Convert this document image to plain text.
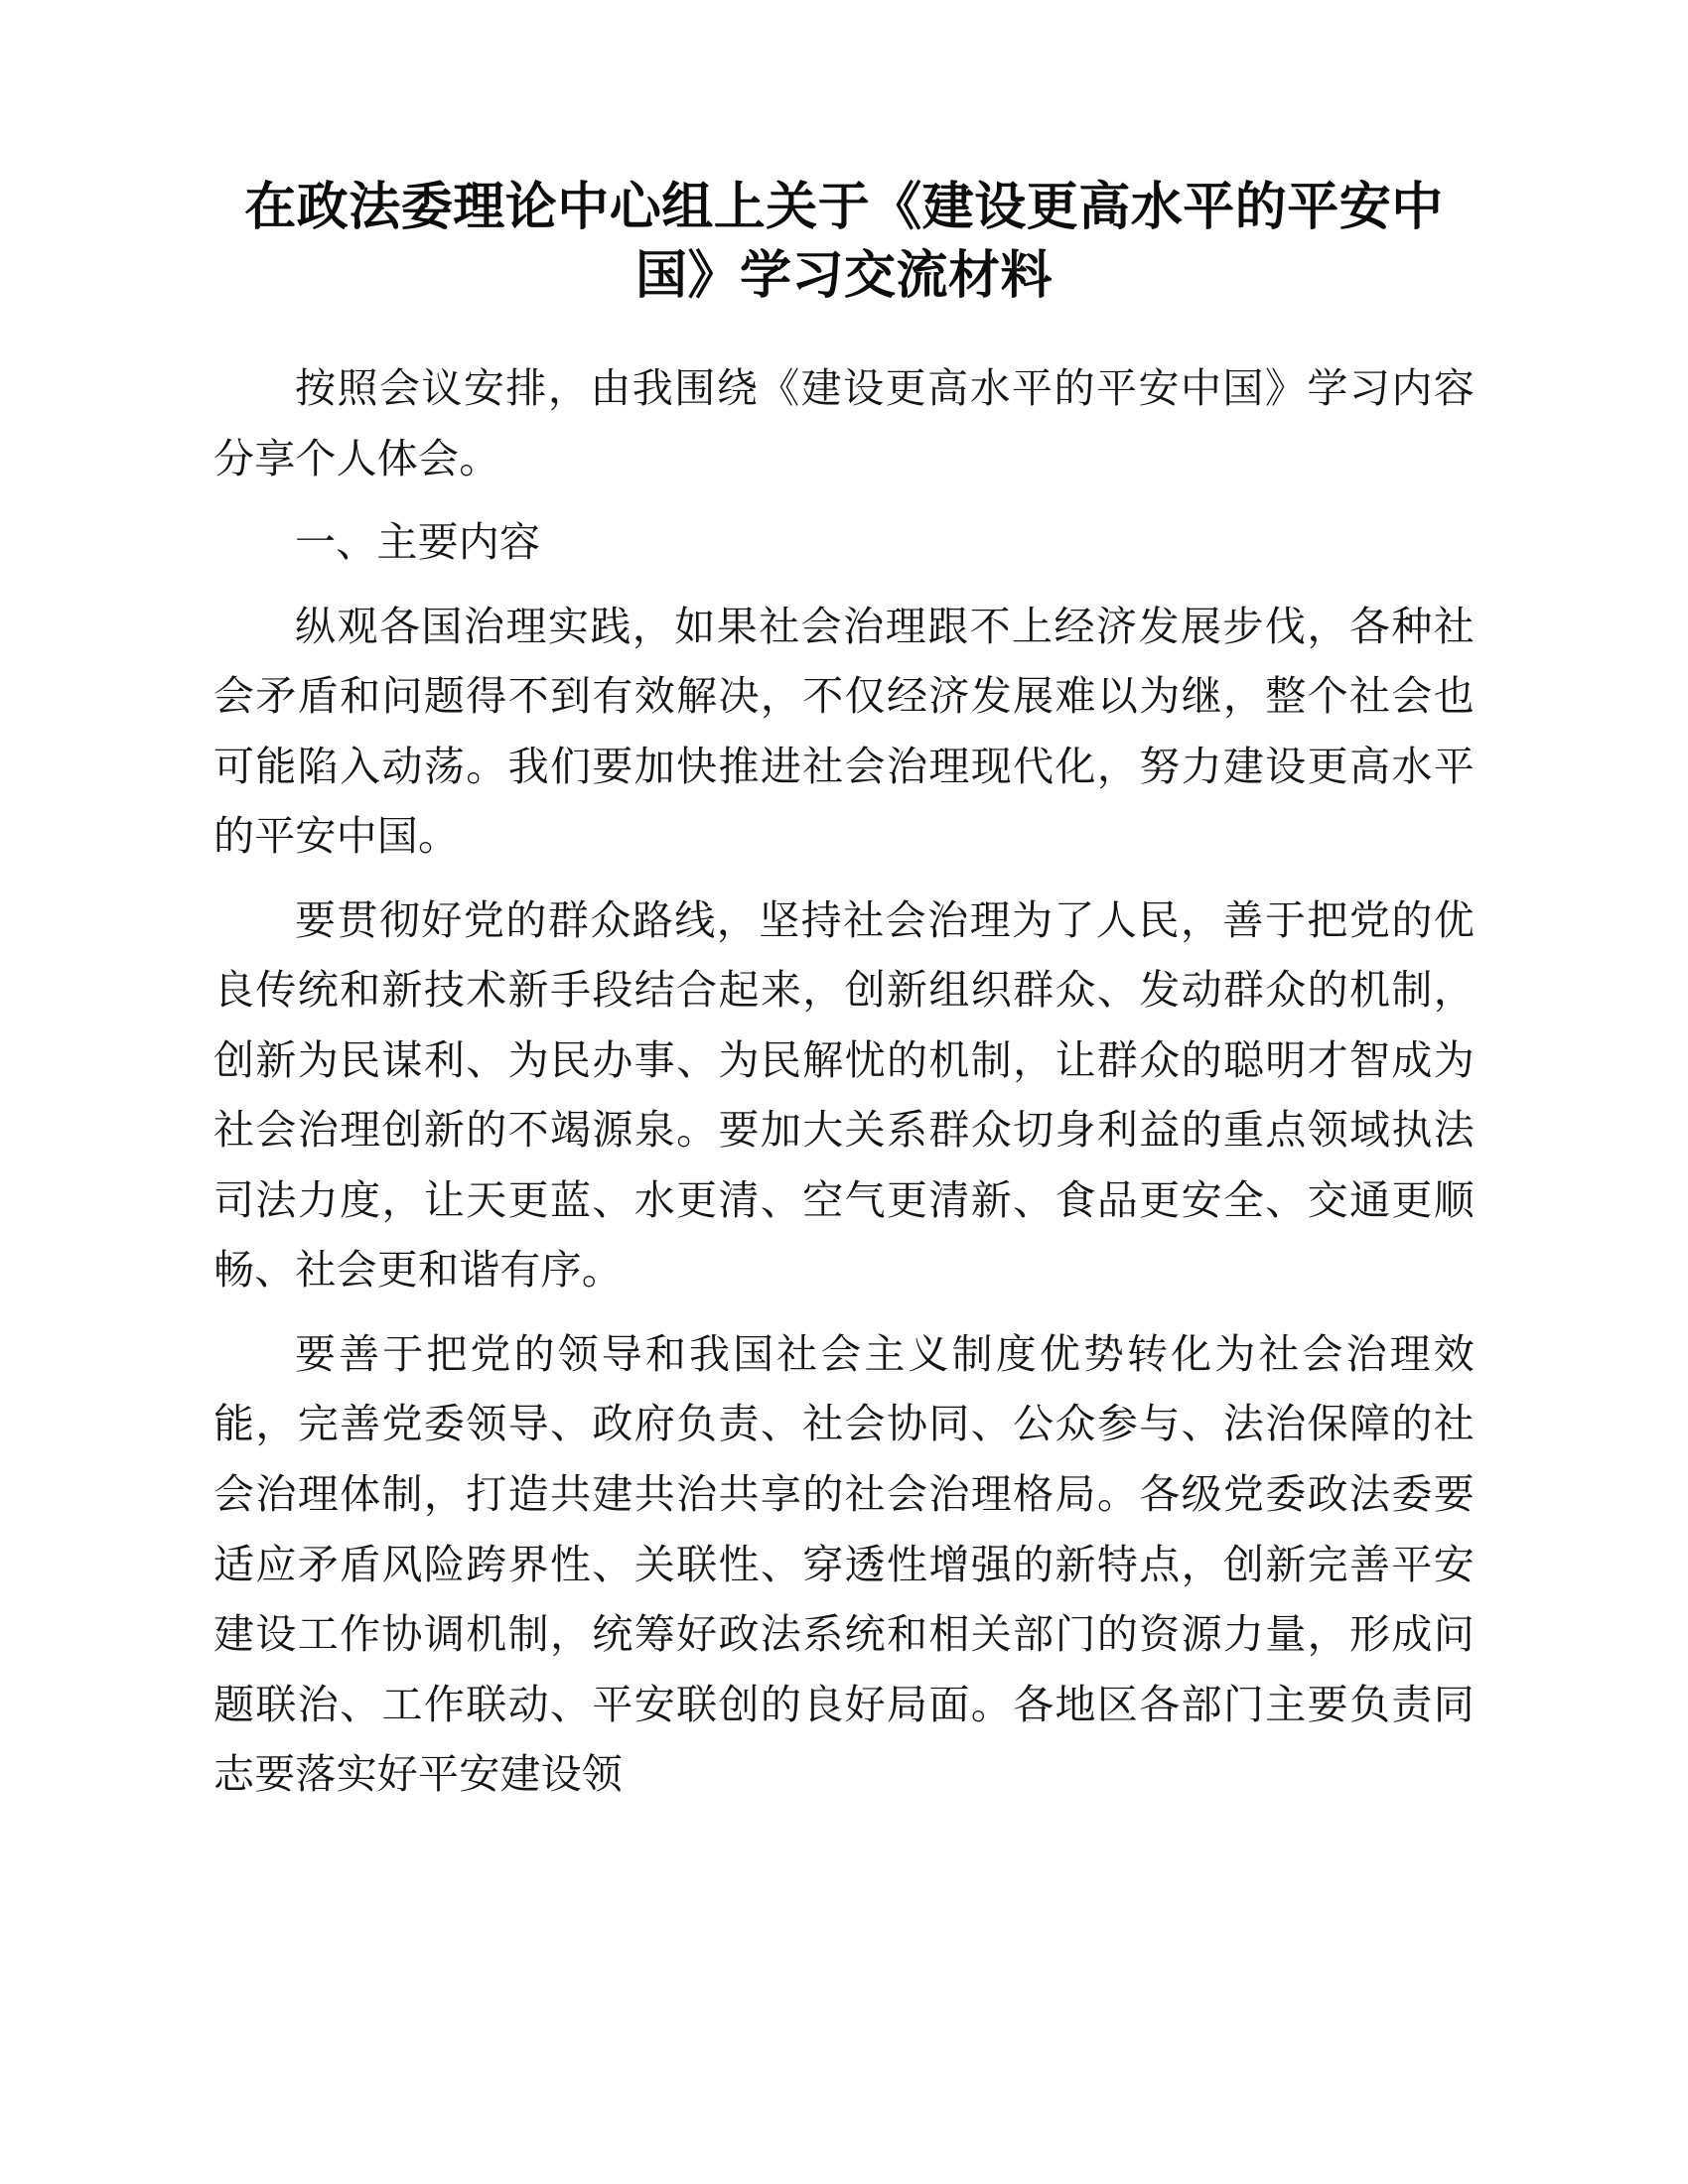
在政法委理论中心组上关于《建设更高水平的平安中国》学习交流材料

按照会议安排，由我围绕《建设更高水平的平安中国》学习内容分享个人体会。

一、主要内容

纵观各国治理实践，如果社会治理跟不上经济发展步伐，各种社会矛盾和问题得不到有效解决，不仅经济发展难以为继，整个社会也可能陷入动荡。我们要加快推进社会治理现代化，努力建设更高水平的平安中国。

要贯彻好党的群众路线，坚持社会治理为了人民，善于把党的优良传统和新技术新手段结合起来，创新组织群众、发动群众的机制，创新为民谋利、为民办事、为民解忧的机制，让群众的聪明才智成为社会治理创新的不竭源泉。要加大关系群众切身利益的重点领域执法司法力度，让天更蓝、水更清、空气更清新、食品更安全、交通更顺畅、社会更和谐有序。

要善于把党的领导和我国社会主义制度优势转化为社会治理效能，完善党委领导、政府负责、社会协同、公众参与、法治保障的社会治理体制，打造共建共治共享的社会治理格局。各级党委政法委要适应矛盾风险跨界性、关联性、穿透性增强的新特点，创新完善平安建设工作协调机制，统筹好政法系统和相关部门的资源力量，形成问题联治、工作联动、平安联创的良好局面。各地区各部门主要负责同志要落实好平安建设领
